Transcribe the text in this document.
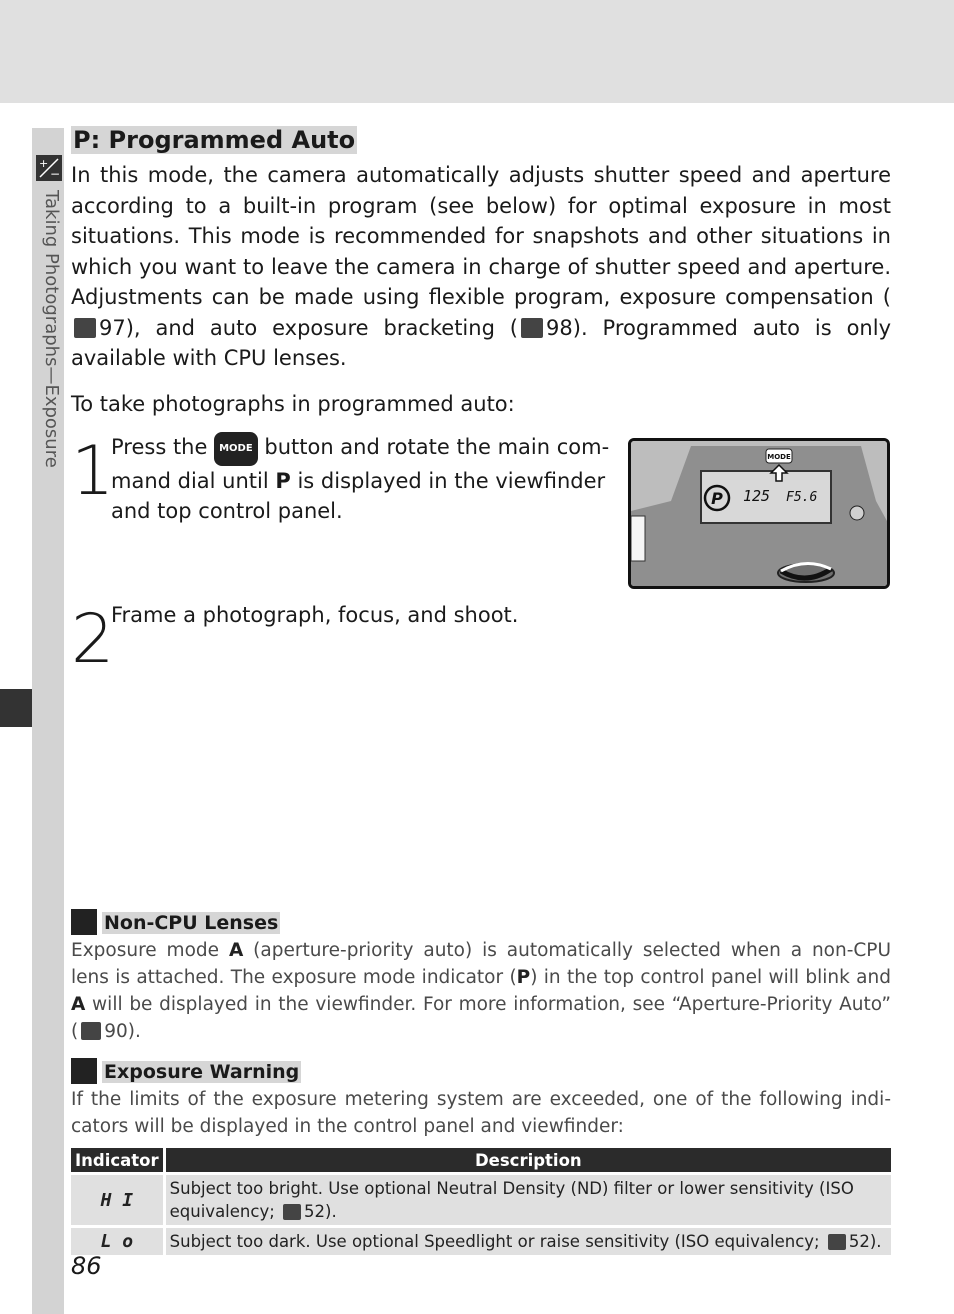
+
−
Taking Photographs—Exposure
P: Programmed Auto

In this mode, the camera automatically adjusts shutter speed and aperture according to a built-in program (see below) for optimal exposure in most situations. This mode is recommended for snapshots and other situations in which you want to leave the camera in charge of shutter speed and aperture. Adjustments can be made using flexible program, exposure compensation (97), and auto exposure bracketing ( 98). Programmed auto is only available with CPU lenses.

To take photographs in programmed auto:

1
Press the MODE button and rotate the main com-mand dial until P is displayed in the viewfinder and top control panel.
MODE
P 125 F5.6
2
Frame a photograph, focus, and shoot.
Non-CPU Lenses
Exposure mode A (aperture-priority auto) is automatically selected when a non-CPU lens is attached. The exposure mode indicator (P) in the top control panel will blink and A will be displayed in the viewfinder. For more information, see “Aperture-Priority Auto” ( 90).
Exposure Warning
If the limits of the exposure metering system are exceeded, one of the following indi-cators will be displayed in the control panel and viewfinder:
Indicator	Description
H I	Subject too bright. Use optional Neutral Density (ND) filter or lower sensitivity (ISO equivalency; 52).
L o	Subject too dark. Use optional Speedlight or raise sensitivity (ISO equivalency; 52).
86
